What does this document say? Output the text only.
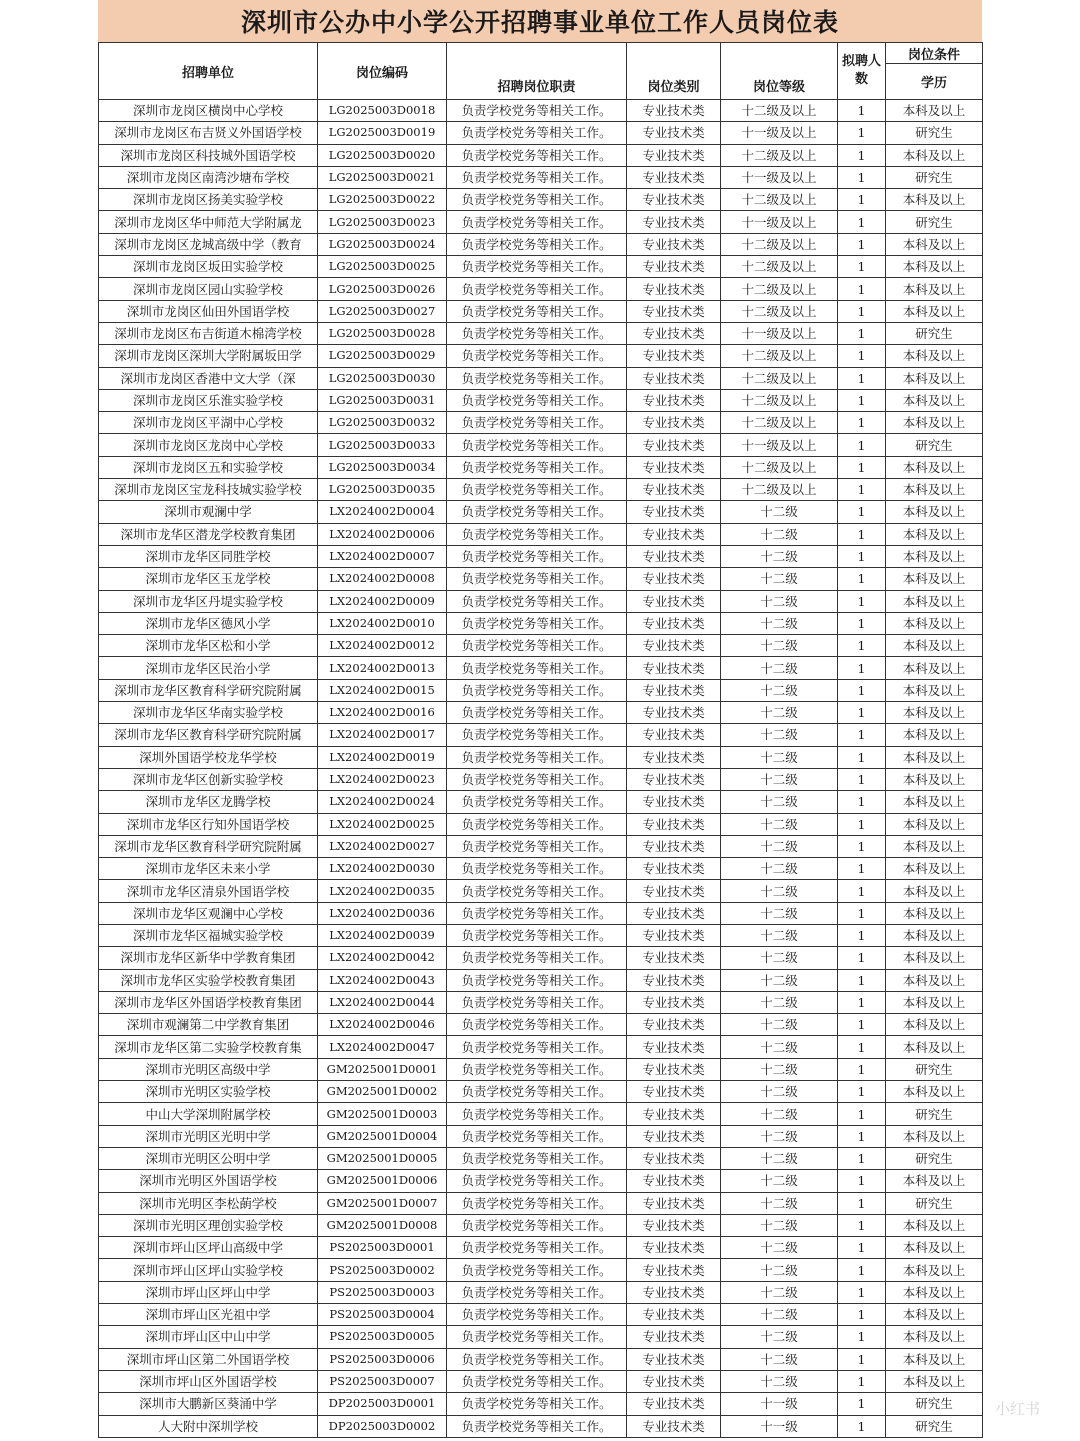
深圳市公办中小学公开招聘事业单位工作人员岗位表
招聘单位	岗位编码	招聘岗位职责	岗位类别	岗位等级	拟聘人数	岗位条件
						学历
深圳市龙岗区横岗中心学校	LG2025003D0018	负责学校党务等相关工作。	专业技术类	十二级及以上	1	本科及以上
深圳市龙岗区布吉贤义外国语学校	LG2025003D0019	负责学校党务等相关工作。	专业技术类	十一级及以上	1	研究生
深圳市龙岗区科技城外国语学校	LG2025003D0020	负责学校党务等相关工作。	专业技术类	十二级及以上	1	本科及以上
深圳市龙岗区南湾沙塘布学校	LG2025003D0021	负责学校党务等相关工作。	专业技术类	十一级及以上	1	研究生
深圳市龙岗区扬美实验学校	LG2025003D0022	负责学校党务等相关工作。	专业技术类	十二级及以上	1	本科及以上
深圳市龙岗区华中师范大学附属龙	LG2025003D0023	负责学校党务等相关工作。	专业技术类	十一级及以上	1	研究生
深圳市龙岗区龙城高级中学（教育	LG2025003D0024	负责学校党务等相关工作。	专业技术类	十二级及以上	1	本科及以上
深圳市龙岗区坂田实验学校	LG2025003D0025	负责学校党务等相关工作。	专业技术类	十二级及以上	1	本科及以上
深圳市龙岗区园山实验学校	LG2025003D0026	负责学校党务等相关工作。	专业技术类	十二级及以上	1	本科及以上
深圳市龙岗区仙田外国语学校	LG2025003D0027	负责学校党务等相关工作。	专业技术类	十二级及以上	1	本科及以上
深圳市龙岗区布吉街道木棉湾学校	LG2025003D0028	负责学校党务等相关工作。	专业技术类	十一级及以上	1	研究生
深圳市龙岗区深圳大学附属坂田学	LG2025003D0029	负责学校党务等相关工作。	专业技术类	十二级及以上	1	本科及以上
深圳市龙岗区香港中文大学（深	LG2025003D0030	负责学校党务等相关工作。	专业技术类	十二级及以上	1	本科及以上
深圳市龙岗区乐淮实验学校	LG2025003D0031	负责学校党务等相关工作。	专业技术类	十二级及以上	1	本科及以上
深圳市龙岗区平湖中心学校	LG2025003D0032	负责学校党务等相关工作。	专业技术类	十二级及以上	1	本科及以上
深圳市龙岗区龙岗中心学校	LG2025003D0033	负责学校党务等相关工作。	专业技术类	十一级及以上	1	研究生
深圳市龙岗区五和实验学校	LG2025003D0034	负责学校党务等相关工作。	专业技术类	十二级及以上	1	本科及以上
深圳市龙岗区宝龙科技城实验学校	LG2025003D0035	负责学校党务等相关工作。	专业技术类	十二级及以上	1	本科及以上
深圳市观澜中学	LX2024002D0004	负责学校党务等相关工作。	专业技术类	十二级	1	本科及以上
深圳市龙华区潜龙学校教育集团	LX2024002D0006	负责学校党务等相关工作。	专业技术类	十二级	1	本科及以上
深圳市龙华区同胜学校	LX2024002D0007	负责学校党务等相关工作。	专业技术类	十二级	1	本科及以上
深圳市龙华区玉龙学校	LX2024002D0008	负责学校党务等相关工作。	专业技术类	十二级	1	本科及以上
深圳市龙华区丹堤实验学校	LX2024002D0009	负责学校党务等相关工作。	专业技术类	十二级	1	本科及以上
深圳市龙华区德风小学	LX2024002D0010	负责学校党务等相关工作。	专业技术类	十二级	1	本科及以上
深圳市龙华区松和小学	LX2024002D0012	负责学校党务等相关工作。	专业技术类	十二级	1	本科及以上
深圳市龙华区民治小学	LX2024002D0013	负责学校党务等相关工作。	专业技术类	十二级	1	本科及以上
深圳市龙华区教育科学研究院附属	LX2024002D0015	负责学校党务等相关工作。	专业技术类	十二级	1	本科及以上
深圳市龙华区华南实验学校	LX2024002D0016	负责学校党务等相关工作。	专业技术类	十二级	1	本科及以上
深圳市龙华区教育科学研究院附属	LX2024002D0017	负责学校党务等相关工作。	专业技术类	十二级	1	本科及以上
深圳外国语学校龙华学校	LX2024002D0019	负责学校党务等相关工作。	专业技术类	十二级	1	本科及以上
深圳市龙华区创新实验学校	LX2024002D0023	负责学校党务等相关工作。	专业技术类	十二级	1	本科及以上
深圳市龙华区龙腾学校	LX2024002D0024	负责学校党务等相关工作。	专业技术类	十二级	1	本科及以上
深圳市龙华区行知外国语学校	LX2024002D0025	负责学校党务等相关工作。	专业技术类	十二级	1	本科及以上
深圳市龙华区教育科学研究院附属	LX2024002D0027	负责学校党务等相关工作。	专业技术类	十二级	1	本科及以上
深圳市龙华区未来小学	LX2024002D0030	负责学校党务等相关工作。	专业技术类	十二级	1	本科及以上
深圳市龙华区清泉外国语学校	LX2024002D0035	负责学校党务等相关工作。	专业技术类	十二级	1	本科及以上
深圳市龙华区观澜中心学校	LX2024002D0036	负责学校党务等相关工作。	专业技术类	十二级	1	本科及以上
深圳市龙华区福城实验学校	LX2024002D0039	负责学校党务等相关工作。	专业技术类	十二级	1	本科及以上
深圳市龙华区新华中学教育集团	LX2024002D0042	负责学校党务等相关工作。	专业技术类	十二级	1	本科及以上
深圳市龙华区实验学校教育集团	LX2024002D0043	负责学校党务等相关工作。	专业技术类	十二级	1	本科及以上
深圳市龙华区外国语学校教育集团	LX2024002D0044	负责学校党务等相关工作。	专业技术类	十二级	1	本科及以上
深圳市观澜第二中学教育集团	LX2024002D0046	负责学校党务等相关工作。	专业技术类	十二级	1	本科及以上
深圳市龙华区第二实验学校教育集	LX2024002D0047	负责学校党务等相关工作。	专业技术类	十二级	1	本科及以上
深圳市光明区高级中学	GM2025001D0001	负责学校党务等相关工作。	专业技术类	十二级	1	研究生
深圳市光明区实验学校	GM2025001D0002	负责学校党务等相关工作。	专业技术类	十二级	1	本科及以上
中山大学深圳附属学校	GM2025001D0003	负责学校党务等相关工作。	专业技术类	十二级	1	研究生
深圳市光明区光明中学	GM2025001D0004	负责学校党务等相关工作。	专业技术类	十二级	1	本科及以上
深圳市光明区公明中学	GM2025001D0005	负责学校党务等相关工作。	专业技术类	十二级	1	研究生
深圳市光明区外国语学校	GM2025001D0006	负责学校党务等相关工作。	专业技术类	十二级	1	本科及以上
深圳市光明区李松蓢学校	GM2025001D0007	负责学校党务等相关工作。	专业技术类	十二级	1	研究生
深圳市光明区理创实验学校	GM2025001D0008	负责学校党务等相关工作。	专业技术类	十二级	1	本科及以上
深圳市坪山区坪山高级中学	PS2025003D0001	负责学校党务等相关工作。	专业技术类	十二级	1	本科及以上
深圳市坪山区坪山实验学校	PS2025003D0002	负责学校党务等相关工作。	专业技术类	十二级	1	本科及以上
深圳市坪山区坪山中学	PS2025003D0003	负责学校党务等相关工作。	专业技术类	十二级	1	本科及以上
深圳市坪山区光祖中学	PS2025003D0004	负责学校党务等相关工作。	专业技术类	十二级	1	本科及以上
深圳市坪山区中山中学	PS2025003D0005	负责学校党务等相关工作。	专业技术类	十二级	1	本科及以上
深圳市坪山区第二外国语学校	PS2025003D0006	负责学校党务等相关工作。	专业技术类	十二级	1	本科及以上
深圳市坪山区外国语学校	PS2025003D0007	负责学校党务等相关工作。	专业技术类	十二级	1	本科及以上
深圳市大鹏新区葵涌中学	DP2025003D0001	负责学校党务等相关工作。	专业技术类	十一级	1	研究生
人大附中深圳学校	DP2025003D0002	负责学校党务等相关工作。	专业技术类	十一级	1	研究生
小红书
